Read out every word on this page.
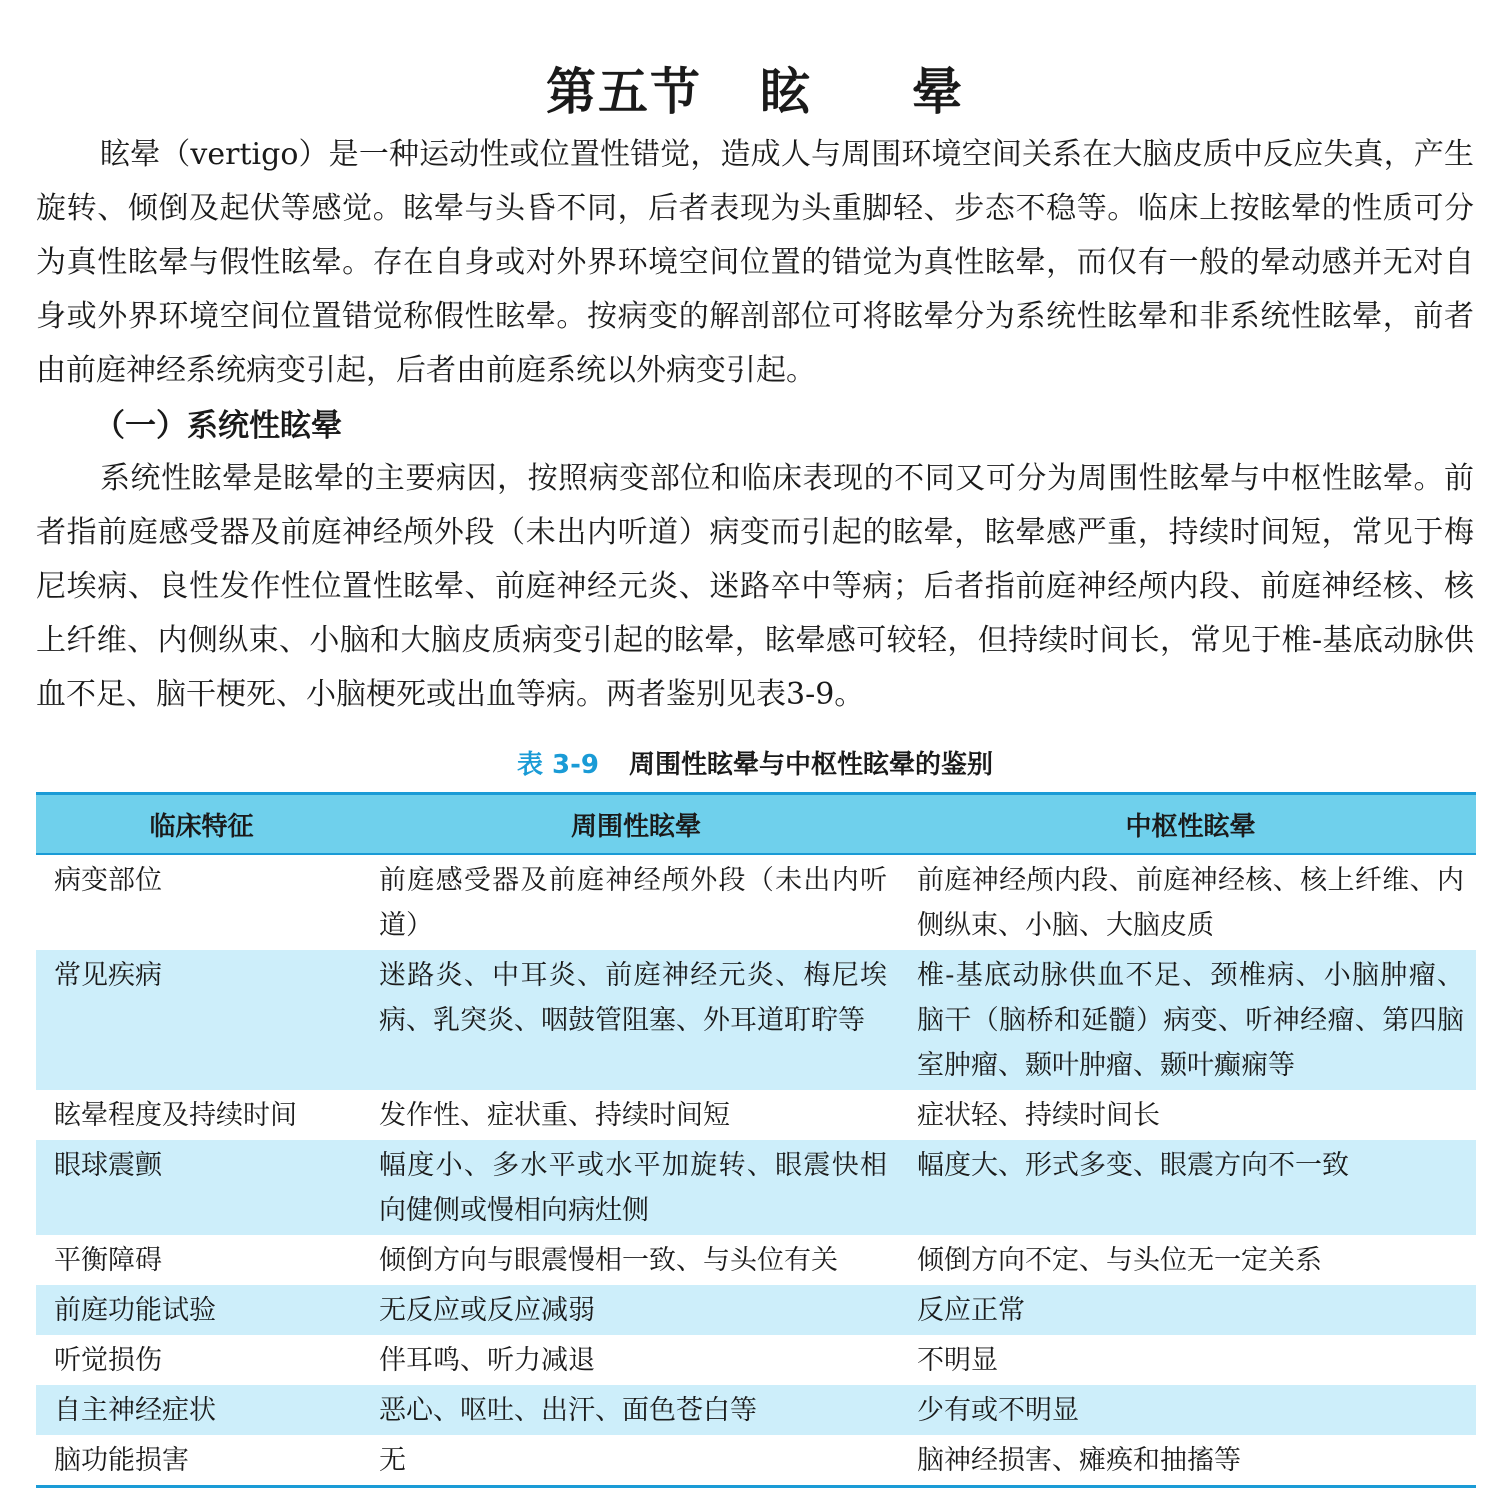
第五节 眩 晕

眩晕（vertigo）是一种运动性或位置性错觉，造成人与周围环境空间关系在大脑皮质中反应失真，产生旋转、倾倒及起伏等感觉。眩晕与头昏不同，后者表现为头重脚轻、步态不稳等。临床上按眩晕的性质可分为真性眩晕与假性眩晕。存在自身或对外界环境空间位置的错觉为真性眩晕，而仅有一般的晕动感并无对自身或外界环境空间位置错觉称假性眩晕。按病变的解剖部位可将眩晕分为系统性眩晕和非系统性眩晕，前者由前庭神经系统病变引起，后者由前庭系统以外病变引起。

（一）系统性眩晕

系统性眩晕是眩晕的主要病因，按照病变部位和临床表现的不同又可分为周围性眩晕与中枢性眩晕。前者指前庭感受器及前庭神经颅外段（未出内听道）病变而引起的眩晕，眩晕感严重，持续时间短，常见于梅尼埃病、良性发作性位置性眩晕、前庭神经元炎、迷路卒中等病；后者指前庭神经颅内段、前庭神经核、核上纤维、内侧纵束、小脑和大脑皮质病变引起的眩晕，眩晕感可较轻，但持续时间长，常见于椎-基底动脉供血不足、脑干梗死、小脑梗死或出血等病。两者鉴别见表3-9。

表 3-9 周围性眩晕与中枢性眩晕的鉴别
临床特征	周围性眩晕	中枢性眩晕
病变部位	前庭感受器及前庭神经颅外段（未出内听道）	前庭神经颅内段、前庭神经核、核上纤维、内侧纵束、小脑、大脑皮质
常见疾病	迷路炎、中耳炎、前庭神经元炎、梅尼埃病、乳突炎、咽鼓管阻塞、外耳道耵聍等	椎-基底动脉供血不足、颈椎病、小脑肿瘤、脑干（脑桥和延髓）病变、听神经瘤、第四脑室肿瘤、颞叶肿瘤、颞叶癫痫等
眩晕程度及持续时间	发作性、症状重、持续时间短	症状轻、持续时间长
眼球震颤	幅度小、多水平或水平加旋转、眼震快相向健侧或慢相向病灶侧	幅度大、形式多变、眼震方向不一致
平衡障碍	倾倒方向与眼震慢相一致、与头位有关	倾倒方向不定、与头位无一定关系
前庭功能试验	无反应或反应减弱	反应正常
听觉损伤	伴耳鸣、听力减退	不明显
自主神经症状	恶心、呕吐、出汗、面色苍白等	少有或不明显
脑功能损害	无	脑神经损害、瘫痪和抽搐等
